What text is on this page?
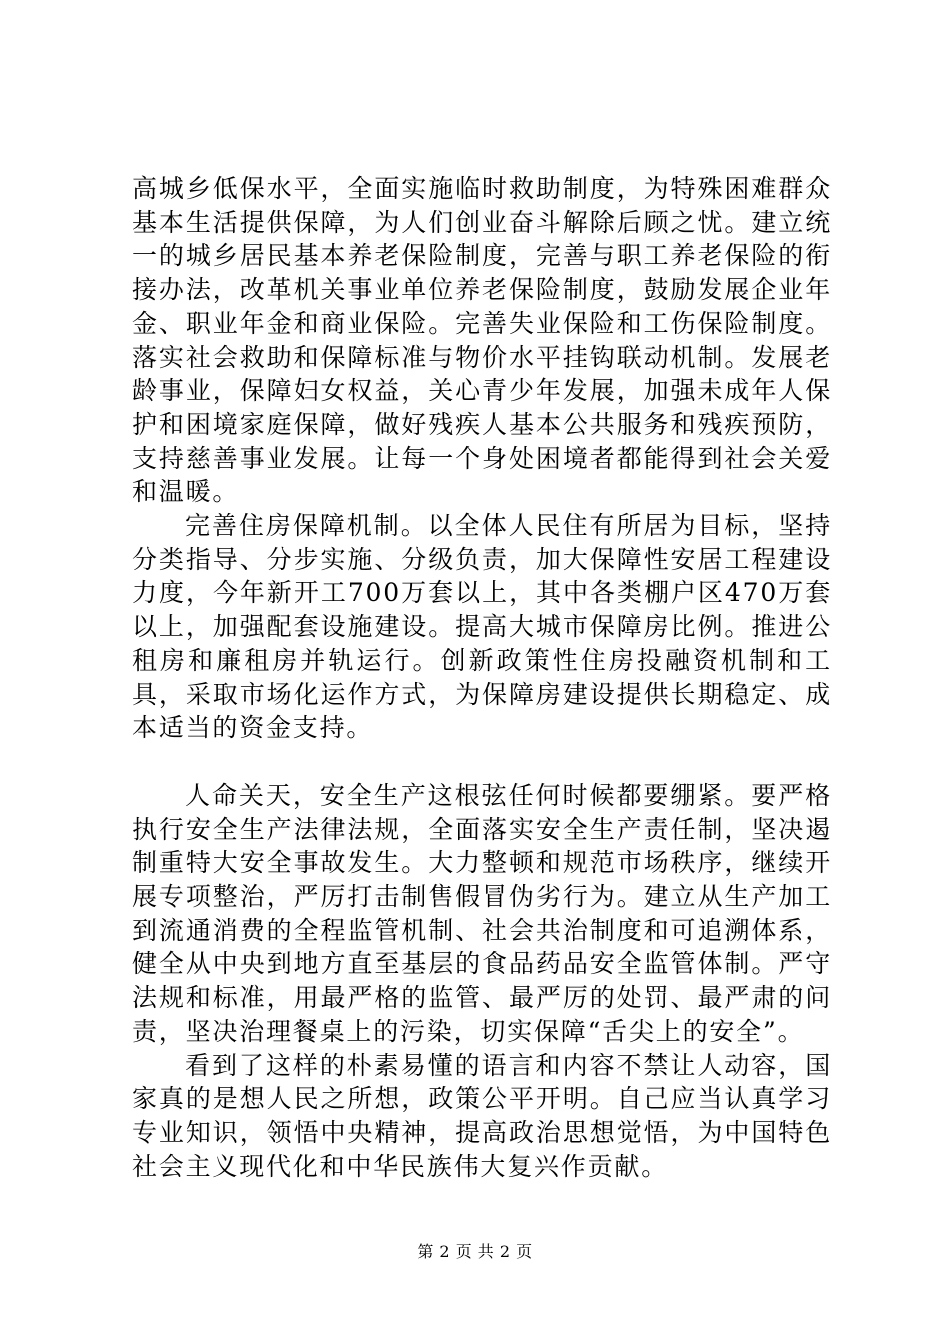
高城乡低保水平，全面实施临时救助制度，为特殊困难群众基本生活提供保障，为人们创业奋斗解除后顾之忧。建立统一的城乡居民基本养老保险制度，完善与职工养老保险的衔接办法，改革机关事业单位养老保险制度，鼓励发展企业年金、职业年金和商业保险。完善失业保险和工伤保险制度。落实社会救助和保障标准与物价水平挂钩联动机制。发展老龄事业，保障妇女权益，关心青少年发展，加强未成年人保护和困境家庭保障，做好残疾人基本公共服务和残疾预防，支持慈善事业发展。让每一个身处困境者都能得到社会关爱和温暖。

完善住房保障机制。以全体人民住有所居为目标，坚持分类指导、分步实施、分级负责，加大保障性安居工程建设力度，今年新开工700万套以上，其中各类棚户区470万套以上，加强配套设施建设。提高大城市保障房比例。推进公租房和廉租房并轨运行。创新政策性住房投融资机制和工具，采取市场化运作方式，为保障房建设提供长期稳定、成本适当的资金支持。

人命关天，安全生产这根弦任何时候都要绷紧。要严格执行安全生产法律法规，全面落实安全生产责任制，坚决遏制重特大安全事故发生。大力整顿和规范市场秩序，继续开展专项整治，严厉打击制售假冒伪劣行为。建立从生产加工到流通消费的全程监管机制、社会共治制度和可追溯体系，健全从中央到地方直至基层的食品药品安全监管体制。严守法规和标准，用最严格的监管、最严厉的处罚、最严肃的问责，坚决治理餐桌上的污染，切实保障“舌尖上的安全”。

看到了这样的朴素易懂的语言和内容不禁让人动容，国家真的是想人民之所想，政策公平开明。自己应当认真学习专业知识，领悟中央精神，提高政治思想觉悟，为中国特色社会主义现代化和中华民族伟大复兴作贡献。

第 2 页 共 2 页
